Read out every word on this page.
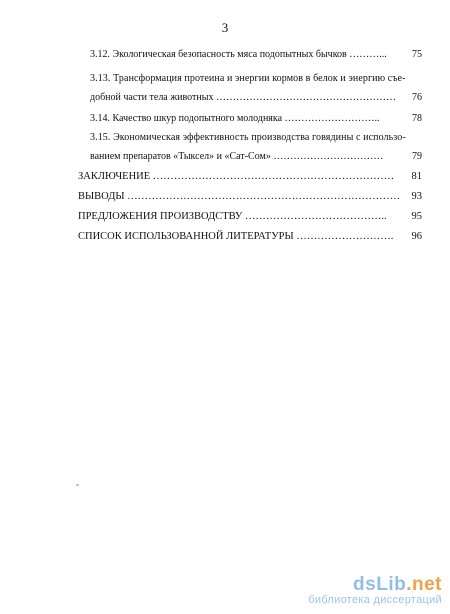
3
3.12. Экологическая безопасность мяса подопытных бычков ………...	75
3.13. Трансформация протеина и энергии кормов в белок и энергию съе-
добной части тела животных ………………………………………………	76
3.14. Качество шкур подопытного молодняка ………………………..	78
3.15. Экономическая эффективность производства говядины с использо-
ванием препаратов «Тыксел» и «Сат-Сом» ……………………………	79
ЗАКЛЮЧЕНИЕ ……………………………………………………………	81
ВЫВОДЫ ……………………………………………………………………	93
ПРЕДЛОЖЕНИЯ ПРОИЗВОДСТВУ …………………………………..	95
СПИСОК ИСПОЛЬЗОВАННОЙ ЛИТЕРАТУРЫ ……………………….	96
dsLib.net
библиотека диссертаций
